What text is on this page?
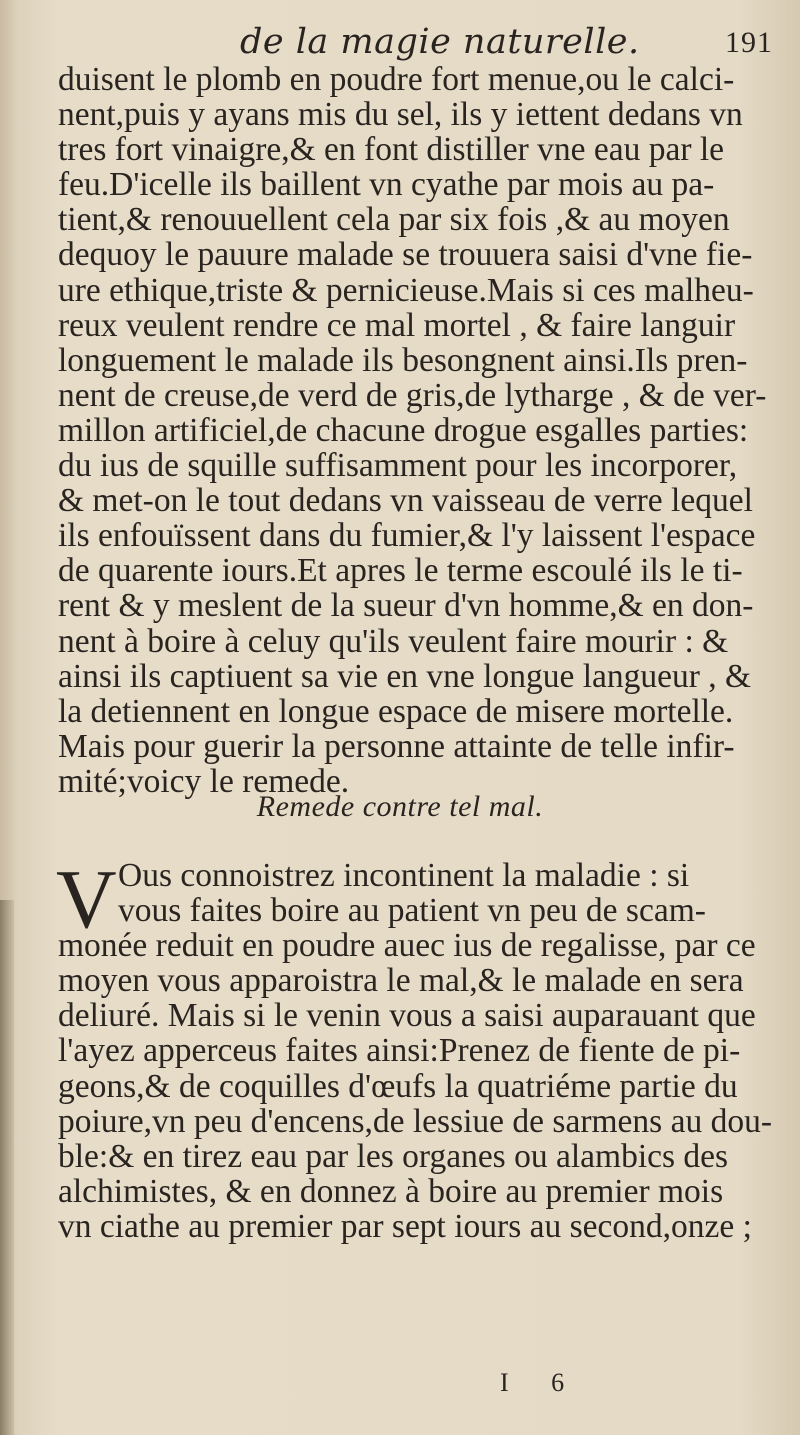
de la magie naturelle.	191
duisent le plomb en poudre fort menue,ou le calci-
nent,puis y ayans mis du sel, ils y iettent dedans vn
tres fort vinaigre,& en font distiller vne eau par le
feu.D'icelle ils baillent vn cyathe par mois au pa-
tient,& renouuellent cela par six fois ,& au moyen
dequoy le pauure malade se trouuera saisi d'vne fie-
ure ethique,triste & pernicieuse.Mais si ces malheu-
reux veulent rendre ce mal mortel , & faire languir
longuement le malade ils besongnent ainsi.Ils pren-
nent de creuse,de verd de gris,de lytharge , & de ver-
millon artificiel,de chacune drogue esgalles parties:
du ius de squille suffisamment pour les incorporer,
& met-on le tout dedans vn vaisseau de verre lequel
ils enfouïssent dans du fumier,& l'y laissent l'espace
de quarente iours.Et apres le terme escoulé ils le ti-
rent & y meslent de la sueur d'vn homme,& en don-
nent à boire à celuy qu'ils veulent faire mourir : &
ainsi ils captiuent sa vie en vne longue langueur , &
la detiennent en longue espace de misere mortelle.
Mais pour guerir la personne attainte de telle infir-
mité;voicy le remede.
Remede contre tel mal.
V Ous connoistrez incontinent la maladie : si
vous faites boire au patient vn peu de scam-
monée reduit en poudre auec ius de regalisse, par ce
moyen vous apparoistra le mal,& le malade en sera
deliuré. Mais si le venin vous a saisi auparauant que
l'ayez apperceus faites ainsi:Prenez de fiente de pi-
geons,& de coquilles d'œufs la quatriéme partie du
poiure,vn peu d'encens,de lessiue de sarmens au dou-
ble:& en tirez eau par les organes ou alambics des
alchimistes, & en donnez à boire au premier mois
vn ciathe au premier par sept iours au second,onze ;
I 6
